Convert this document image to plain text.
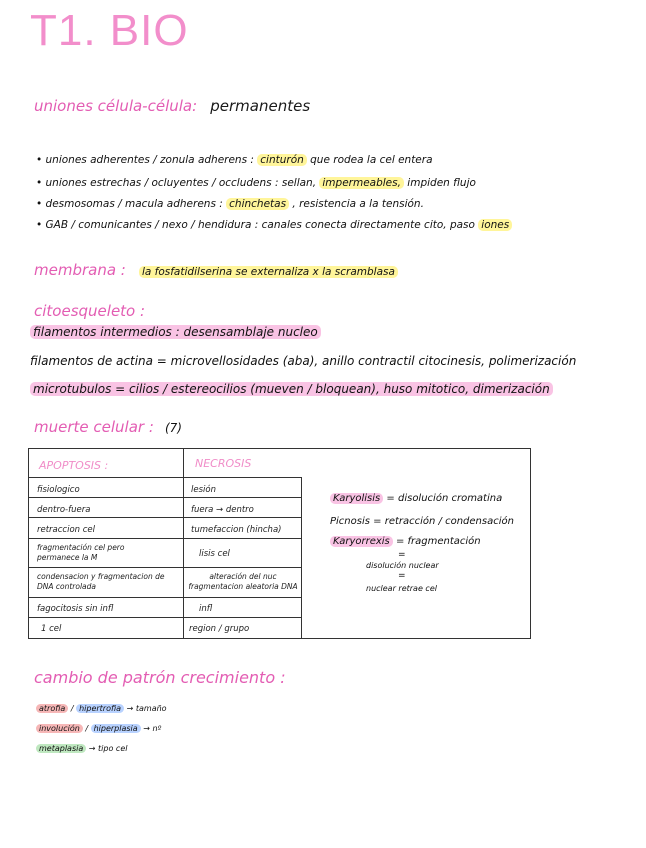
T1. BIO
uniones célula-célula: permanentes
• uniones adherentes / zonula adherens : cinturón que rodea la cel entera
• uniones estrechas / ocluyentes / occludens : sellan, impermeables, impiden flujo
• desmosomas / macula adherens : chinchetas , resistencia a la tensión.
• GAB / comunicantes / nexo / hendidura : canales conecta directamente cito, paso iones
membrana : la fosfatidilserina se externaliza x la scramblasa
citoesqueleto :
filamentos intermedios : desensamblaje nucleo
filamentos de actina = microvellosidades (aba), anillo contractil citocinesis, polimerización
microtubulos = cilios / estereocilios (mueven / bloquean), huso mitotico, dimerización
muerte celular : (7)
APOPTOSIS :	NECROSIS
fisiologico
dentro-fuera
retraccion cel
fragmentación cel pero permanece la M
condensacion y fragmentacion de DNA controlada
fagocitosis sin infl
1 cel
lesión
fuera → dentro
tumefaccion (hincha)
lisis cel
alteración del nuc fragmentacion aleatoria DNA
infl
region / grupo
Karyolisis = disolución cromatina
Picnosis = retracción / condensación
Karyorrexis = fragmentación
=
disolución nuclear
=
nuclear retrae cel
cambio de patrón crecimiento :
atrofia / hipertrofia → tamaño
involución / hiperplasia → nº
metaplasia → tipo cel
